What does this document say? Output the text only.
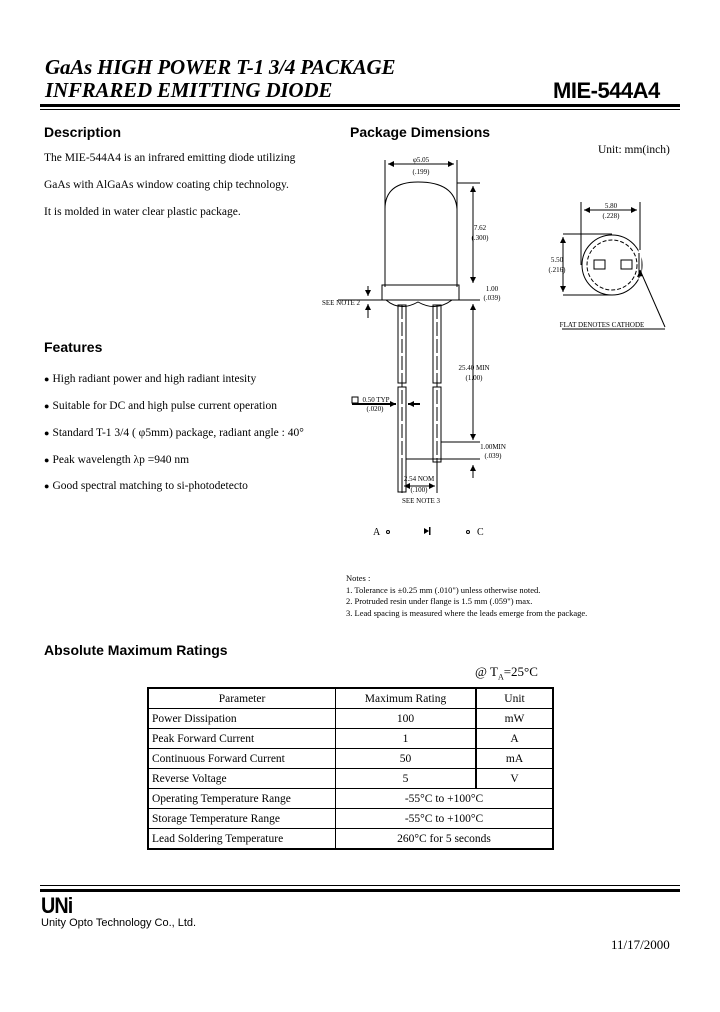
GaAs HIGH POWER T-1 3/4 PACKAGE
INFRARED EMITTING DIODE	MIE-544A4
Description
The MIE-544A4 is an infrared emitting diode utilizing
GaAs with AlGaAs window coating chip technology.
It is molded in water clear plastic package.
Features
● High radiant power and high radiant intesity
● Suitable for DC and high pulse current operation
● Standard T-1 3/4 ( φ5mm) package, radiant angle : 40°
● Peak wavelength λp =940 nm
● Good spectral matching to si-photodetecto
Package Dimensions
Unit: mm(inch)
φ5.05
(.199)
7.62
(.300)
1.00
(.039)
SEE NOTE 2
25.40 MIN
(1.00)
0.50 TYP
(.020)
1.00MIN
(.039)
2.54 NOM
(.100)
SEE NOTE 3
5.80
(.228)
5.50
(.216)
FLAT DENOTES CATHODE
A	C
Notes :
1. Tolerance is ±0.25 mm (.010") unless otherwise noted.
2. Protruded resin under flange is 1.5 mm (.059") max.
3. Lead spacing is measured where the leads emerge from the package.
Absolute Maximum Ratings
@ $T_A=25^\circ C$
Parameter	Maximum Rating	Unit
Power Dissipation	100	mW
Peak Forward Current	1	A
Continuous Forward Current	50	mA
Reverse Voltage	5	V
Operating Temperature Range	-55°C to +100°C	
Storage Temperature Range	-55°C to +100°C	
Lead Soldering Temperature	260°C for 5 seconds	
UNi
Unity Opto Technology Co., Ltd.
11/17/2000
